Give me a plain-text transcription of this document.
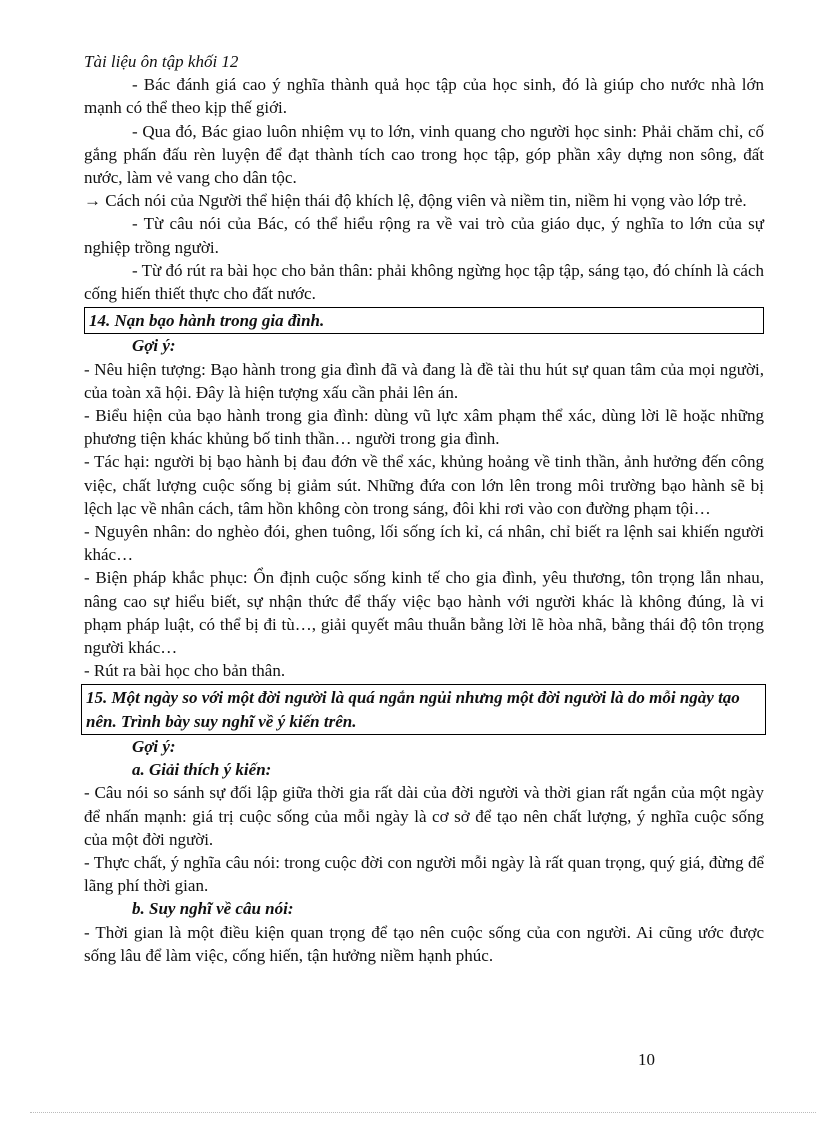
Tài liệu ôn tập khối 12

- Bác đánh giá cao ý nghĩa thành quả học tập của học sinh, đó là giúp cho nước nhà lớn mạnh có thể theo kịp thế giới.

- Qua đó, Bác giao luôn nhiệm vụ to lớn, vinh quang cho người học sinh: Phải chăm chỉ, cố gắng phấn đấu rèn luyện để đạt thành tích cao trong học tập, góp phần xây dựng non sông, đất nước, làm vẻ vang cho dân tộc.

→ Cách nói của Người thể hiện thái độ khích lệ, động viên và niềm tin, niềm hi vọng vào lớp trẻ.

- Từ câu nói của Bác, có thể hiểu rộng ra về vai trò của giáo dục, ý nghĩa to lớn của sự nghiệp trồng người.

- Từ đó rút ra bài học cho bản thân: phải không ngừng học tập tập, sáng tạo, đó chính là cách cống hiến thiết thực cho đất nước.

14. Nạn bạo hành trong gia đình.
Gợi ý:

- Nêu hiện tượng: Bạo hành trong gia đình đã và đang là đề tài thu hút sự quan tâm của mọi người, của toàn xã hội. Đây là hiện tượng xấu cần phải lên án.

- Biểu hiện của bạo hành trong gia đình: dùng vũ lực xâm phạm thể xác, dùng lời lẽ hoặc những phương tiện khác khủng bố tinh thần… người trong gia đình.

- Tác hại: người bị bạo hành bị đau đớn về thể xác, khủng hoảng về tinh thần, ảnh hưởng đến công việc, chất lượng cuộc sống bị giảm sút. Những đứa con lớn lên trong môi trường bạo hành sẽ bị lệch lạc về nhân cách, tâm hồn không còn trong sáng, đôi khi rơi vào con đường phạm tội…

- Nguyên nhân: do nghèo đói, ghen tuông, lối sống ích kỉ, cá nhân, chỉ biết ra lệnh sai khiến người khác…

- Biện pháp khắc phục: Ổn định cuộc sống kinh tế cho gia đình, yêu thương, tôn trọng lẫn nhau, nâng cao sự hiểu biết, sự nhận thức để thấy việc bạo hành với người khác là không đúng, là vi phạm pháp luật, có thể bị đi tù…, giải quyết mâu thuẫn bằng lời lẽ hòa nhã, bằng thái độ tôn trọng người khác…

- Rút ra bài học cho bản thân.

15. Một ngày so với một đời người là quá ngắn ngủi nhưng một đời người là do mỗi ngày tạo nên. Trình bày suy nghĩ về ý kiến trên.
Gợi ý:
a. Giải thích ý kiến:

- Câu nói so sánh sự đối lập giữa thời gia rất dài của đời người và thời gian rất ngắn của một ngày để nhấn mạnh: giá trị cuộc sống của mỗi ngày là cơ sở để tạo nên chất lượng, ý nghĩa cuộc sống của một đời người.

- Thực chất, ý nghĩa câu nói: trong cuộc đời con người mỗi ngày là rất quan trọng, quý giá, đừng để lãng phí thời gian.

b. Suy nghĩ về câu nói:

- Thời gian là một điều kiện quan trọng để tạo nên cuộc sống của con người. Ai cũng ước được sống lâu để làm việc, cống hiến, tận hưởng niềm hạnh phúc.

10
